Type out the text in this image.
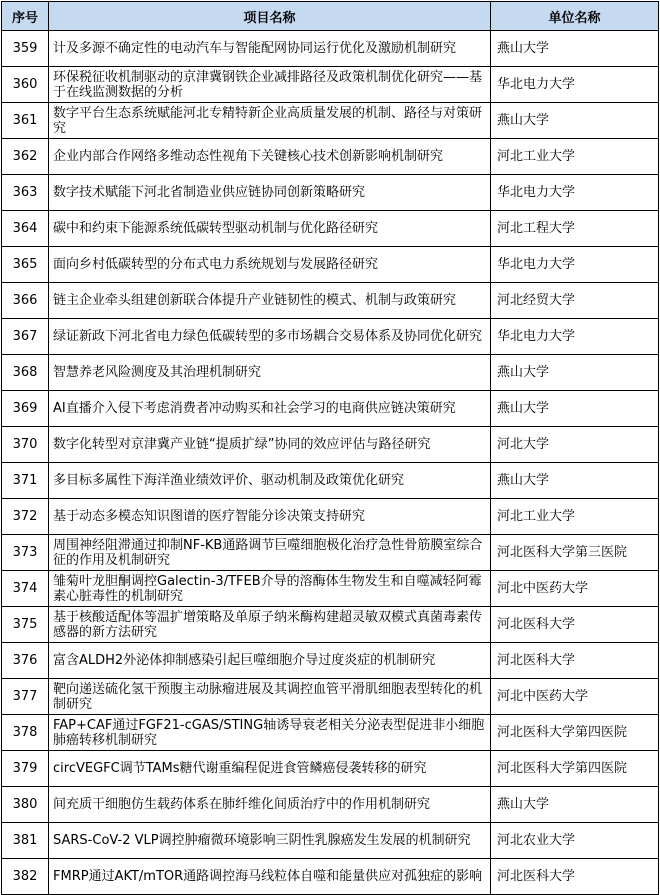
序号	项目名称	单位名称
359	计及多源不确定性的电动汽车与智能配网协同运行优化及激励机制研究	燕山大学
360	环保税征收机制驱动的京津冀钢铁企业减排路径及政策机制优化研究——基于在线监测数据的分析	华北电力大学
361	数字平台生态系统赋能河北专精特新企业高质量发展的机制、路径与对策研究	燕山大学
362	企业内部合作网络多维动态性视角下关键核心技术创新影响机制研究	河北工业大学
363	数字技术赋能下河北省制造业供应链协同创新策略研究	华北电力大学
364	碳中和约束下能源系统低碳转型驱动机制与优化路径研究	河北工程大学
365	面向乡村低碳转型的分布式电力系统规划与发展路径研究	华北电力大学
366	链主企业牵头组建创新联合体提升产业链韧性的模式、机制与政策研究	河北经贸大学
367	绿证新政下河北省电力绿色低碳转型的多市场耦合交易体系及协同优化研究	华北电力大学
368	智慧养老风险测度及其治理机制研究	燕山大学
369	AI直播介入侵下考虑消费者冲动购买和社会学习的电商供应链决策研究	燕山大学
370	数字化转型对京津冀产业链“提质扩绿”协同的效应评估与路径研究	河北大学
371	多目标多属性下海洋渔业绩效评价、驱动机制及政策优化研究	燕山大学
372	基于动态多模态知识图谱的医疗智能分诊决策支持研究	河北工业大学
373	周围神经阻滞通过抑制NF-KB通路调节巨噬细胞极化治疗急性骨筋膜室综合征的作用及机制研究	河北医科大学第三医院
374	雏菊叶龙胆酮调控Galectin-3/TFEB介导的溶酶体生物发生和自噬减轻阿霉素心脏毒性的机制研究	河北中医药大学
375	基于核酸适配体等温扩增策略及单原子纳米酶构建超灵敏双模式真菌毒素传感器的新方法研究	河北医科大学
376	富含ALDH2外泌体抑制感染引起巨噬细胞介导过度炎症的机制研究	河北医科大学
377	靶向递送硫化氢干预腹主动脉瘤进展及其调控血管平滑肌细胞表型转化的机制研究	河北中医药大学
378	FAP+CAF通过FGF21-cGAS/STING轴诱导衰老相关分泌表型促进非小细胞肺癌转移机制研究	河北医科大学第四医院
379	circVEGFC调节TAMs糖代谢重编程促进食管鳞癌侵袭转移的研究	河北医科大学第四医院
380	间充质干细胞仿生载药体系在肺纤维化间质治疗中的作用机制研究	燕山大学
381	SARS-CoV-2 VLP调控肿瘤微环境影响三阴性乳腺癌发生发展的机制研究	河北农业大学
382	FMRP通过AKT/mTOR通路调控海马线粒体自噬和能量供应对孤独症的影响	河北医科大学
